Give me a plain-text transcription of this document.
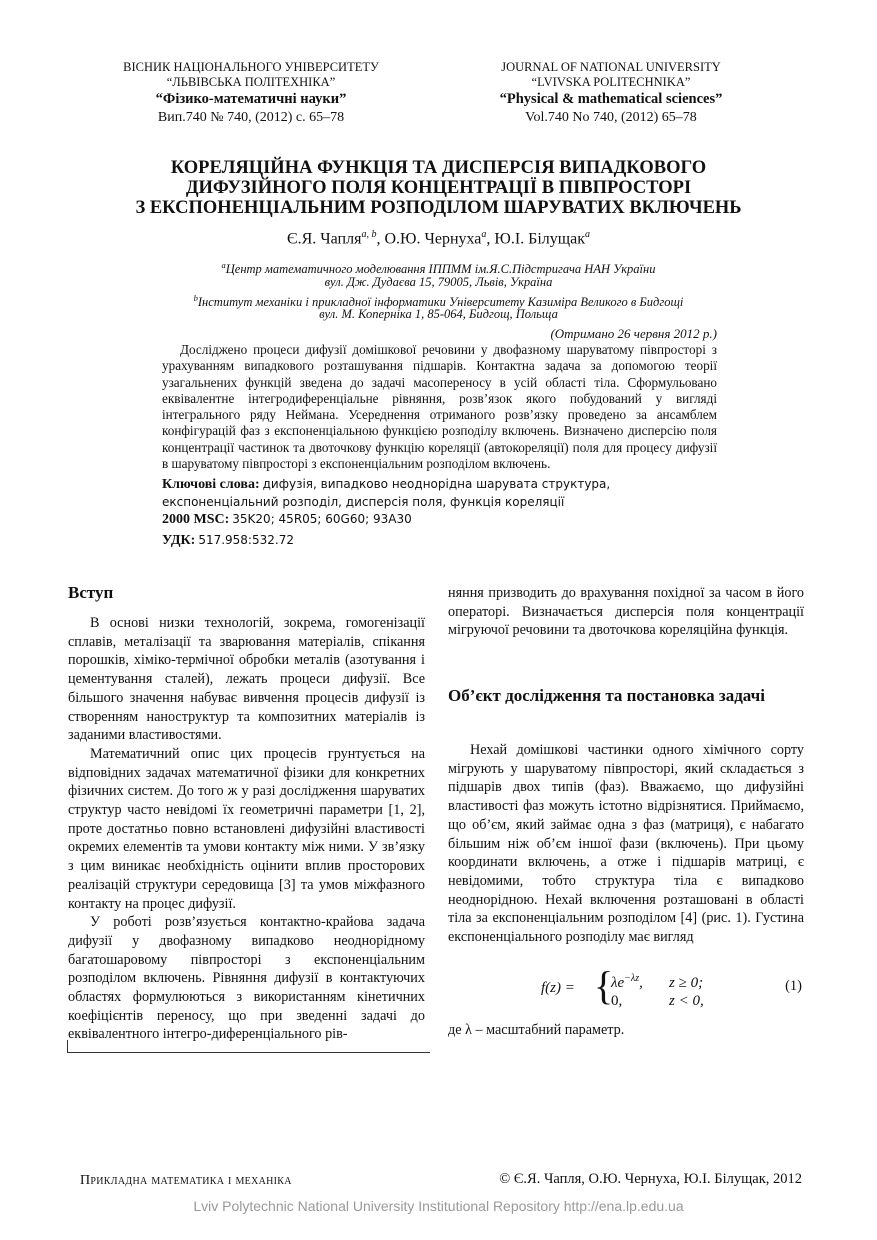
ВІСНИК НАЦІОНАЛЬНОГО УНІВЕРСИТЕТУ
“ЛЬВІВСЬКА ПОЛІТЕХНІКА”
“Фізико-математичні науки”
Вип.740 № 740, (2012) с. 65–78
JOURNAL OF NATIONAL UNIVERSITY
“LVIVSKA POLITECHNIKA”
“Physical & mathematical sciences”
Vol.740 No 740, (2012) 65–78
КОРЕЛЯЦІЙНА ФУНКЦІЯ ТА ДИСПЕРСІЯ ВИПАДКОВОГО
ДИФУЗІЙНОГО ПОЛЯ КОНЦЕНТРАЦІЇ В ПІВПРОСТОРІ
З ЕКСПОНЕНЦІАЛЬНИМ РОЗПОДІЛОМ ШАРУВАТИХ ВКЛЮЧЕНЬ
Є.Я. Чапля$^{a, b}$, О.Ю. Чернуха$^a$, Ю.І. Білущак$^a$
$^a$Центр математичного моделювання ІППММ ім.Я.С.Підстригача НАН України
вул. Дж. Дудаєва 15, 79005, Львів, Україна
$^b$Інститут механіки і прикладної інформатики Університету Казиміра Великого в Бидгощі
вул. М. Коперніка 1, 85-064, Бидгощ, Польща
(Отримано 26 червня 2012 р.)

Досліджено процеси дифузії домішкової речовини у двофазному шаруватому півпросторі з урахуванням випадкового розташування підшарів. Контактна задача за допомогою теорії узагальнених функцій зведена до задачі масопереносу в усій області тіла. Сформульовано еквівалентне інтегродиференціальне рівняння, розв’язок якого побудований у вигляді інтегрального ряду Неймана. Усереднення отриманого розв’язку проведено за ансамблем конфігурацій фаз з експоненціальною функцією розподілу включень. Визначено дисперсію поля концентрації частинок та двоточкову функцію кореляції (автокореляції) поля для процесу дифузії в шаруватому півпросторі з експоненціальним розподілом включень.

Ключові слова: дифузія, випадково неоднорідна шарувата структура, експоненціальний розподіл, дисперсія поля, функція кореляції
2000 MSC: 35K20; 45R05; 60G60; 93A30
УДК: 517.958:532.72
Вступ

В основі низки технологій, зокрема, гомогенізації сплавів, металізації та зварювання матеріалів, спікання порошків, хіміко-термічної обробки металів (азотування і цементування сталей), лежать процеси дифузії. Все більшого значення набуває вивчення процесів дифузії із створенням наноструктур та композитних матеріалів із заданими властивостями.

Математичний опис цих процесів грунтується на відповідних задачах математичної фізики для конкретних фізичних систем. До того ж у разі дослідження шаруватих структур часто невідомі їх геометричні параметри [1, 2], проте достатньо повно встановлені дифузійні властивості окремих елементів та умови контакту між ними. У зв’язку з цим виникає необхідність оцінити вплив просторових реалізацій структури середовища [3] та умов міжфазного контакту на процес дифузії.

У роботі розв’язується контактно-крайова задача дифузії у двофазному випадково неоднорідному багатошаровому півпросторі з експоненціальним розподілом включень. Рівняння дифузії в контактуючих областях формулюються з використанням кінетичних коефіцієнтів переносу, що при зведенні задачі до еквівалентного інтегро-диференціального рів-

няння призводить до врахування похідної за часом в його операторі. Визначається дисперсія поля концентрації мігруючої речовини та двоточкова кореляційна функція.

Об’єкт дослідження та постановка задачі

Нехай домішкові частинки одного хімічного сорту мігрують у шаруватому півпросторі, який складається з підшарів двох типів (фаз). Вважаємо, що дифузійні властивості фаз можуть істотно відрізнятися. Приймаємо, що об’єм, який займає одна з фаз (матриця), є набагато більшим ніж об’єм іншої фази (включень). При цьому координати включень, а отже і підшарів матриці, є невідомими, тобто структура тіла є випадково неоднорідною. Нехай включення розташовані в області тіла за експоненціальним розподілом [4] (рис. 1). Густина експоненціального розподілу має вигляд

f(z) = {
$\lambda e^{-\lambda z}$, z ≥ 0;
0,	z < 0,
(1)
де λ – масштабний параметр.
Прикладна математика і механіка	© Є.Я. Чапля, О.Ю. Чернуха, Ю.І. Білущак, 2012
Lviv Polytechnic National University Institutional Repository http://ena.lp.edu.ua
